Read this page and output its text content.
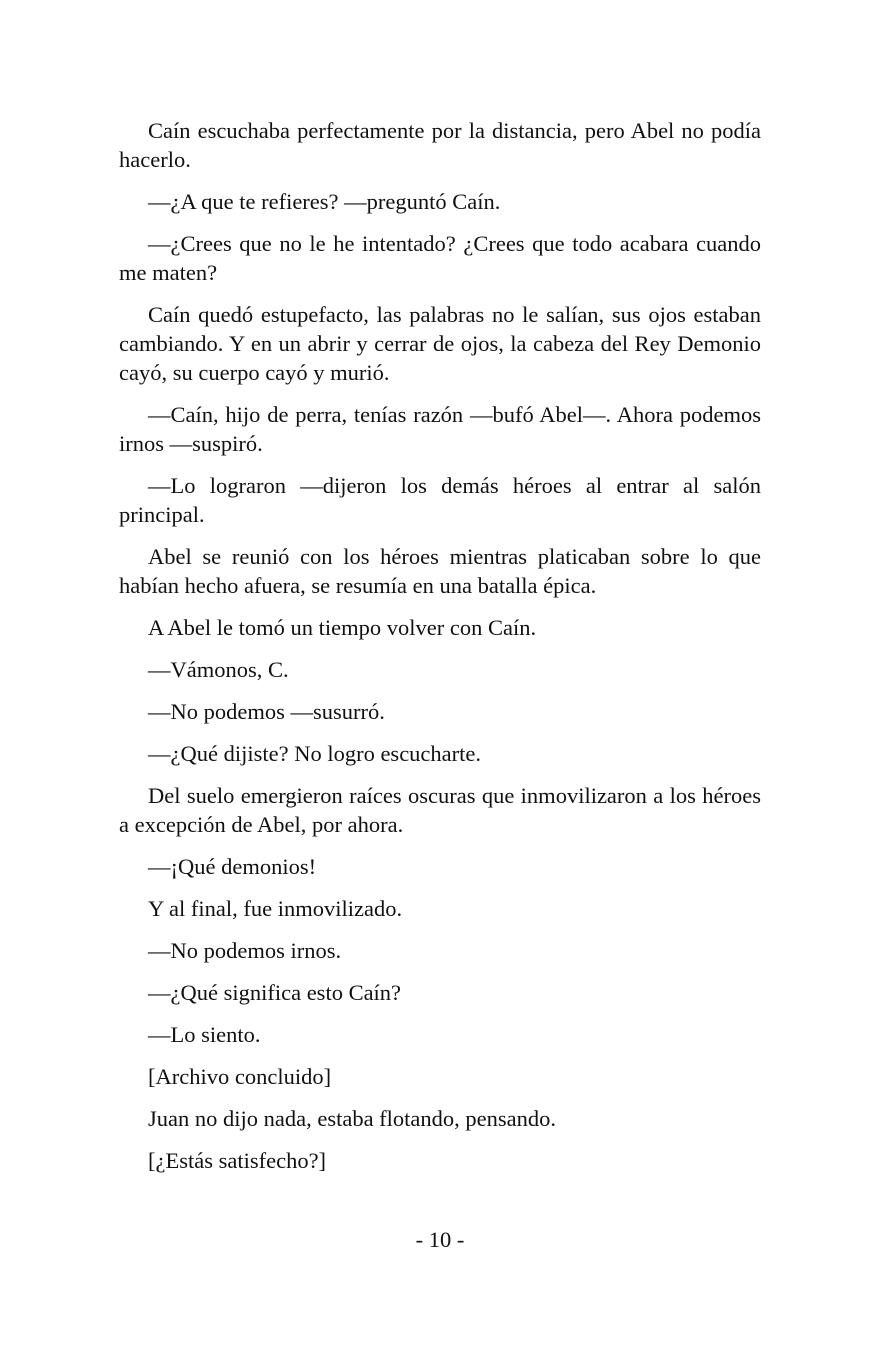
Caín escuchaba perfectamente por la distancia, pero Abel no podía hacerlo.

—¿A que te refieres? —preguntó Caín.

—¿Crees que no le he intentado? ¿Crees que todo acabara cuando me maten?

Caín quedó estupefacto, las palabras no le salían, sus ojos estaban cambiando. Y en un abrir y cerrar de ojos, la cabeza del Rey Demonio cayó, su cuerpo cayó y murió.

—Caín, hijo de perra, tenías razón —bufó Abel—. Ahora podemos irnos —suspiró.

—Lo lograron —dijeron los demás héroes al entrar al salón principal.

Abel se reunió con los héroes mientras platicaban sobre lo que habían hecho afuera, se resumía en una batalla épica.

A Abel le tomó un tiempo volver con Caín.

—Vámonos, C.

—No podemos —susurró.

—¿Qué dijiste? No logro escucharte.

Del suelo emergieron raíces oscuras que inmovilizaron a los héroes a excepción de Abel, por ahora.

—¡Qué demonios!

Y al final, fue inmovilizado.

—No podemos irnos.

—¿Qué significa esto Caín?

—Lo siento.

[Archivo concluido]

Juan no dijo nada, estaba flotando, pensando.

[¿Estás satisfecho?]

- 10 -
